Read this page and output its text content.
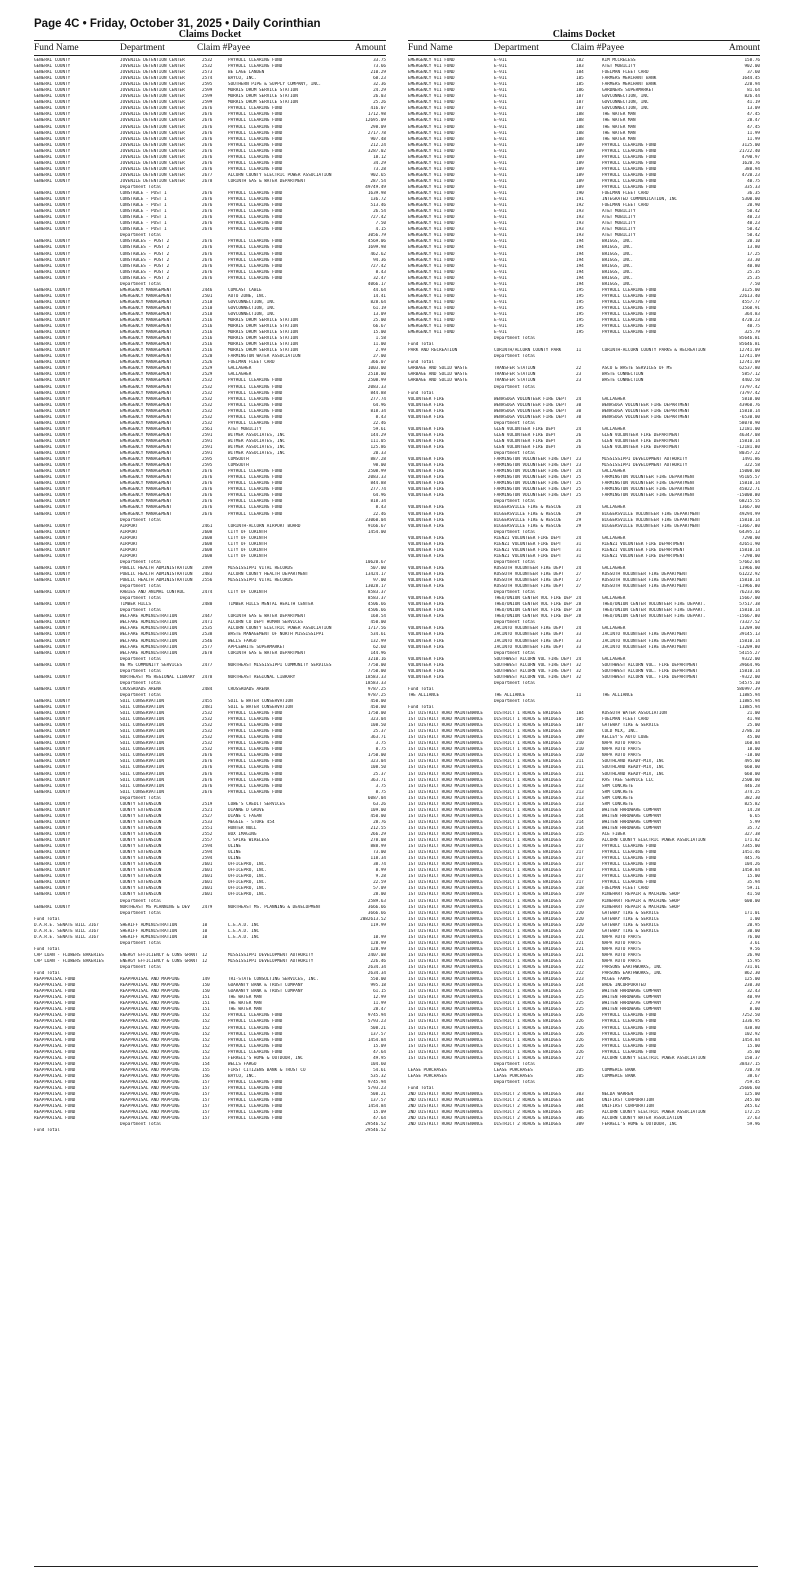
Page 4C • Friday, October 31, 2025 • Daily Corinthian
Claims Docket
Fund Name	Department	Claim #Payee	Amount
GENERAL COUNTY	JUVENILE DETENTION CENTER	2532	PAYROLL CLEARING FUND	33.75
GENERAL COUNTY	JUVENILE DETENTION CENTER	2532	PAYROLL CLEARING FUND	73.66
GENERAL COUNTY	JUVENILE DETENTION CENTER	2573	BE LAGE LANDEN	210.29
GENERAL COUNTY	JUVENILE DETENTION CENTER	2574	BAYCO, INC.	68.23
GENERAL COUNTY	JUVENILE DETENTION CENTER	2595	SOUTHERN PIPE & SUPPLY COMPANY, INC.	32.36
GENERAL COUNTY	JUVENILE DETENTION CENTER	2599	MORRIS DRUM SERVICE STATION	24.29
GENERAL COUNTY	JUVENILE DETENTION CENTER	2599	MORRIS DRUM SERVICE STATION	26.03
GENERAL COUNTY	JUVENILE DETENTION CENTER	2599	MORRIS DRUM SERVICE STATION	25.26
GENERAL COUNTY	JUVENILE DETENTION CENTER	2676	PAYROLL CLEARING FUND	416.07
GENERAL COUNTY	JUVENILE DETENTION CENTER	2676	PAYROLL CLEARING FUND	1712.98
GENERAL COUNTY	JUVENILE DETENTION CENTER	2676	PAYROLL CLEARING FUND	12695.09
GENERAL COUNTY	JUVENILE DETENTION CENTER	2676	PAYROLL CLEARING FUND	298.09
GENERAL COUNTY	JUVENILE DETENTION CENTER	2676	PAYROLL CLEARING FUND	2717.78
GENERAL COUNTY	JUVENILE DETENTION CENTER	2676	PAYROLL CLEARING FUND	907.48
GENERAL COUNTY	JUVENILE DETENTION CENTER	2676	PAYROLL CLEARING FUND	212.24
GENERAL COUNTY	JUVENILE DETENTION CENTER	2676	PAYROLL CLEARING FUND	3287.02
GENERAL COUNTY	JUVENILE DETENTION CENTER	2676	PAYROLL CLEARING FUND	18.12
GENERAL COUNTY	JUVENILE DETENTION CENTER	2676	PAYROLL CLEARING FUND	34.29
GENERAL COUNTY	JUVENILE DETENTION CENTER	2676	PAYROLL CLEARING FUND	73.28
GENERAL COUNTY	JUVENILE DETENTION CENTER	2677	ALCORN COUNTY ELECTRIC POWER ASSOCIATION	902.65
GENERAL COUNTY	JUVENILE DETENTION CENTER	2678	CORINTH GAS & WATER DEPARTMENT	287.54
Department Total	49749.49
GENERAL COUNTY	CONSTABLE - POST 1	2676	PAYROLL CLEARING FUND	1639.98
GENERAL COUNTY	CONSTABLE - POST 1	2676	PAYROLL CLEARING FUND	136.72
GENERAL COUNTY	CONSTABLE - POST 1	2676	PAYROLL CLEARING FUND	513.46
GENERAL COUNTY	CONSTABLE - POST 1	2676	PAYROLL CLEARING FUND	26.54
GENERAL COUNTY	CONSTABLE - POST 1	2676	PAYROLL CLEARING FUND	727.42
GENERAL COUNTY	CONSTABLE - POST 1	2676	PAYROLL CLEARING FUND	7.50
GENERAL COUNTY	CONSTABLE - POST 1	2676	PAYROLL CLEARING FUND	4.15
Department Total	3056.79
GENERAL COUNTY	CONSTABLES - POST 2	2676	PAYROLL CLEARING FUND	4569.06
GENERAL COUNTY	CONSTABLES - POST 2	2676	PAYROLL CLEARING FUND	1699.98
GENERAL COUNTY	CONSTABLES - POST 2	2676	PAYROLL CLEARING FUND	462.62
GENERAL COUNTY	CONSTABLES - POST 2	2676	PAYROLL CLEARING FUND	94.36
GENERAL COUNTY	CONSTABLES - POST 2	2676	PAYROLL CLEARING FUND	727.42
GENERAL COUNTY	CONSTABLES - POST 2	2676	PAYROLL CLEARING FUND	8.43
GENERAL COUNTY	CONSTABLES - POST 2	2676	PAYROLL CLEARING FUND	32.47
Department Total	4066.17
GENERAL COUNTY	EMERGENCY MANAGEMENT	2446	COMCAST CABLE	44.64
GENERAL COUNTY	EMERGENCY MANAGEMENT	2501	AUTO ZONE, INC.	14.41
GENERAL COUNTY	EMERGENCY MANAGEMENT	2510	GOVCONNECTION, INC	828.64
GENERAL COUNTY	EMERGENCY MANAGEMENT	2510	GOVCONNECTION, INC	61.19
GENERAL COUNTY	EMERGENCY MANAGEMENT	2510	GOVCONNECTION, INC	13.09
GENERAL COUNTY	EMERGENCY MANAGEMENT	2516	MORRIS DRUM SERVICE STATION	25.00
GENERAL COUNTY	EMERGENCY MANAGEMENT	2516	MORRIS DRUM SERVICE STATION	66.67
GENERAL COUNTY	EMERGENCY MANAGEMENT	2516	MORRIS DRUM SERVICE STATION	15.00
GENERAL COUNTY	EMERGENCY MANAGEMENT	2516	MORRIS DRUM SERVICE STATION	1.58
GENERAL COUNTY	EMERGENCY MANAGEMENT	2516	MORRIS DRUM SERVICE STATION	11.00
GENERAL COUNTY	EMERGENCY MANAGEMENT	2516	MORRIS DRUM SERVICE STATION	2.99
GENERAL COUNTY	EMERGENCY MANAGEMENT	2520	FARMINGTON WATER ASSOCIATION	27.00
GENERAL COUNTY	EMERGENCY MANAGEMENT	2526	FUELMAN FLEET CARD	366.07
GENERAL COUNTY	EMERGENCY MANAGEMENT	2529	GALLAGHER	1003.00
GENERAL COUNTY	EMERGENCY MANAGEMENT	2529	GALLAGHER	2518.00
GENERAL COUNTY	EMERGENCY MANAGEMENT	2532	PAYROLL CLEARING FUND	2508.99
GENERAL COUNTY	EMERGENCY MANAGEMENT	2532	PAYROLL CLEARING FUND	2083.33
GENERAL COUNTY	EMERGENCY MANAGEMENT	2532	PAYROLL CLEARING FUND	844.88
GENERAL COUNTY	EMERGENCY MANAGEMENT	2532	PAYROLL CLEARING FUND	277.74
GENERAL COUNTY	EMERGENCY MANAGEMENT	2532	PAYROLL CLEARING FUND	64.96
GENERAL COUNTY	EMERGENCY MANAGEMENT	2532	PAYROLL CLEARING FUND	818.34
GENERAL COUNTY	EMERGENCY MANAGEMENT	2532	PAYROLL CLEARING FUND	8.43
GENERAL COUNTY	EMERGENCY MANAGEMENT	2532	PAYROLL CLEARING FUND	22.46
GENERAL COUNTY	EMERGENCY MANAGEMENT	2561	AT&T MOBILITY	59.61
GENERAL COUNTY	EMERGENCY MANAGEMENT	2591	WITMER ASSOCIATES, INC	144.29
GENERAL COUNTY	EMERGENCY MANAGEMENT	2591	WITMER ASSOCIATES, INC	111.05
GENERAL COUNTY	EMERGENCY MANAGEMENT	2591	WITMER ASSOCIATES, INC	125.86
GENERAL COUNTY	EMERGENCY MANAGEMENT	2591	WITMER ASSOCIATES, INC	20.33
GENERAL COUNTY	EMERGENCY MANAGEMENT	2595	COMSOUTH	887.28
GENERAL COUNTY	EMERGENCY MANAGEMENT	2595	COMSOUTH	98.00
GENERAL COUNTY	EMERGENCY MANAGEMENT	2676	PAYROLL CLEARING FUND	2508.99
GENERAL COUNTY	EMERGENCY MANAGEMENT	2676	PAYROLL CLEARING FUND	2083.33
GENERAL COUNTY	EMERGENCY MANAGEMENT	2676	PAYROLL CLEARING FUND	844.88
GENERAL COUNTY	EMERGENCY MANAGEMENT	2676	PAYROLL CLEARING FUND	277.74
GENERAL COUNTY	EMERGENCY MANAGEMENT	2676	PAYROLL CLEARING FUND	64.96
GENERAL COUNTY	EMERGENCY MANAGEMENT	2676	PAYROLL CLEARING FUND	818.34
GENERAL COUNTY	EMERGENCY MANAGEMENT	2676	PAYROLL CLEARING FUND	8.43
GENERAL COUNTY	EMERGENCY MANAGEMENT	2676	PAYROLL CLEARING FUND	22.46
Department Total	23060.04
GENERAL COUNTY	AIRPORT	2461	CORINTH-ALCORN AIRPORT BOARD	9166.67
GENERAL COUNTY	AIRPORT	2608	CITY OF CORINTH	1454.00
GENERAL COUNTY	AIRPORT	2608	CITY OF CORINTH
GENERAL COUNTY	AIRPORT	2608	CITY OF CORINTH
GENERAL COUNTY	AIRPORT	2608	CITY OF CORINTH
GENERAL COUNTY	AIRPORT	2608	CITY OF CORINTH
Department Total	10620.67
GENERAL COUNTY	PUBLIC HEALTH ADMINISTRATION 2499	MISSISSIPPI VITAL RECORDS	507.00
GENERAL COUNTY	PUBLIC HEALTH ADMINISTRATION 2483	ALCORN COUNTY HEALTH DEPARTMENT	13424.17
GENERAL COUNTY	PUBLIC HEALTH ADMINISTRATION 2556	MISSISSIPPI VITAL RECORDS	97.00
Department Total	13028.17
GENERAL COUNTY	RABIES AND ANIMAL CONTROL	2474	CITY OF CORINTH	8583.37
Department Total	8583.37
GENERAL COUNTY	TIMBER HILLS	2480	TIMBER HILLS MENTAL HEALTH CENTER	4506.66
Department Total	4506.66
GENERAL COUNTY	WELFARE ADMINISTRATION	2447	CORINTH GAS & WATER DEPARTMENT	168.54
GENERAL COUNTY	WELFARE ADMINISTRATION	2471	ALCORN CO DEPT HUMAN SERVICES	450.00
GENERAL COUNTY	WELFARE ADMINISTRATION	2535	ALCORN COUNTY ELECTRIC POWER ASSOCIATION	1717.56
GENERAL COUNTY	WELFARE ADMINISTRATION	2538	WASTE MANAGEMENT OF NORTH MISSISSIPPI	534.61
GENERAL COUNTY	WELFARE ADMINISTRATION	2546	WELLS FARGO	132.99
GENERAL COUNTY	WELFARE ADMINISTRATION	2577	APPLEWHITE SUPERMARKET	62.60
GENERAL COUNTY	WELFARE ADMINISTRATION	2678	CORINTH GAS & WATER DEPARTMENT	144.96
Department Total	3210.16
GENERAL COUNTY	NE MS COMMUNITY SERVICES	2477	NORTHEAST MISSISSIPPI COMMUNITY SERVICES	7750.00
Department Total	7750.00
GENERAL COUNTY	NORTHEAST MS REGIONAL LIBRARY 2478	NORTHEAST REGIONAL LIBRARY	18583.33
Department Total	18583.33
GENERAL COUNTY	CROSSROADS ARENA	2484	CROSSROADS ARENA	9787.25
Department Total	9787.25
GENERAL COUNTY	SOIL CONSERVATION	2455	SOIL & WATER CONSERVATION	450.00
GENERAL COUNTY	SOIL CONSERVATION	2481	SOIL & WATER CONSERVATION	450.00
GENERAL COUNTY	SOIL CONSERVATION	2532	PAYROLL CLEARING FUND	1750.00
GENERAL COUNTY	SOIL CONSERVATION	2532	PAYROLL CLEARING FUND	323.04
GENERAL COUNTY	SOIL CONSERVATION	2532	PAYROLL CLEARING FUND	108.50
GENERAL COUNTY	SOIL CONSERVATION	2532	PAYROLL CLEARING FUND	25.37
GENERAL COUNTY	SOIL CONSERVATION	2532	PAYROLL CLEARING FUND	363.71
GENERAL COUNTY	SOIL CONSERVATION	2532	PAYROLL CLEARING FUND	3.75
GENERAL COUNTY	SOIL CONSERVATION	2532	PAYROLL CLEARING FUND	8.75
GENERAL COUNTY	SOIL CONSERVATION	2676	PAYROLL CLEARING FUND	1750.00
GENERAL COUNTY	SOIL CONSERVATION	2676	PAYROLL CLEARING FUND	323.04
GENERAL COUNTY	SOIL CONSERVATION	2676	PAYROLL CLEARING FUND	108.50
GENERAL COUNTY	SOIL CONSERVATION	2676	PAYROLL CLEARING FUND	25.37
GENERAL COUNTY	SOIL CONSERVATION	2676	PAYROLL CLEARING FUND	363.71
GENERAL COUNTY	SOIL CONSERVATION	2676	PAYROLL CLEARING FUND	3.75
GENERAL COUNTY	SOIL CONSERVATION	2676	PAYROLL CLEARING FUND	8.75
Department Total	6087.04
GENERAL COUNTY	COUNTY EXTENSION	2519	LOWE'S CREDIT SERVICES	63.26
GENERAL COUNTY	COUNTY EXTENSION	2521	DIANNE D GROVE	109.00
GENERAL COUNTY	COUNTY EXTENSION	2527	DIANE C FAGAN	450.00
GENERAL COUNTY	COUNTY EXTENSION	2533	MEGGIE - STORE 454	28.76
GENERAL COUNTY	COUNTY EXTENSION	2551	HUNTER NULL	212.55
GENERAL COUNTY	COUNTY EXTENSION	2552	BOX IMAGING	266.29
GENERAL COUNTY	COUNTY EXTENSION	2557	C SPIRE WIRELESS	278.08
GENERAL COUNTY	COUNTY EXTENSION	2594	ULINE	888.99
GENERAL COUNTY	COUNTY EXTENSION	2594	ULINE	73.00
GENERAL COUNTY	COUNTY EXTENSION	2594	ULINE	118.34
GENERAL COUNTY	COUNTY EXTENSION	2601	OFFICEPRO, INC.	38.74
GENERAL COUNTY	COUNTY EXTENSION	2601	OFFICEPRO, INC.	8.99
GENERAL COUNTY	COUNTY EXTENSION	2601	OFFICEPRO, INC.	9.28
GENERAL COUNTY	COUNTY EXTENSION	2601	OFFICEPRO, INC.	22.59
GENERAL COUNTY	COUNTY EXTENSION	2601	OFFICEPRO, INC.	57.09
GENERAL COUNTY	COUNTY EXTENSION	2601	OFFICEPRO, INC.	28.00
Department Total	2589.63
GENERAL COUNTY	NORTHEAST MS PLANNING & DEV	2479	NORTHEAST MS. PLANNING & DEVELOPMENT	3666.66
Department Total	3666.66
Fund Total	2082613.52
D.A.R.E. SENATE BILL 3167	SHERIFF ADMINISTRATION	10	L.E.A.D. INC	119.99
D.A.R.E. SENATE BILL 3167	SHERIFF ADMINISTRATION	10	L.E.A.D. INC
D.A.R.E. SENATE BILL 3167	SHERIFF ADMINISTRATION	10	L.E.A.D. INC	10.99
Department Total	128.99
Fund Total	128.99
CAP LOAN - FLOWERS BAKERIES	ENERGY EFFICIENCY & CONS GRANT 12	MISSISSIPPI DEVELOPMENT AUTHORITY	2407.08
CAP LOAN - FLOWERS BAKERIES	ENERGY EFFICIENCY & CONS GRANT 12	MISSISSIPPI DEVELOPMENT AUTHORITY	226.46
Department Total	2634.34
Fund Total	2634.34
REAPPRAISAL FUND	REAPPRAISAL AND MAPPING	149	TRI-STATE CONSULTING SERVICES, INC.	550.00
REAPPRAISAL FUND	REAPPRAISAL AND MAPPING	150	GUARANTY BANK & TRUST COMPANY	995.18
REAPPRAISAL FUND	REAPPRAISAL AND MAPPING	150	GUARANTY BANK & TRUST COMPANY	61.15
REAPPRAISAL FUND	REAPPRAISAL AND MAPPING	151	THE WATER MAN	12.99
REAPPRAISAL FUND	REAPPRAISAL AND MAPPING	151	THE WATER MAN	11.99
REAPPRAISAL FUND	REAPPRAISAL AND MAPPING	151	THE WATER MAN	28.47
REAPPRAISAL FUND	REAPPRAISAL AND MAPPING	152	PAYROLL CLEARING FUND	9745.94
REAPPRAISAL FUND	REAPPRAISAL AND MAPPING	152	PAYROLL CLEARING FUND	5793.23
REAPPRAISAL FUND	REAPPRAISAL AND MAPPING	152	PAYROLL CLEARING FUND	508.21
REAPPRAISAL FUND	REAPPRAISAL AND MAPPING	152	PAYROLL CLEARING FUND	137.57
REAPPRAISAL FUND	REAPPRAISAL AND MAPPING	152	PAYROLL CLEARING FUND	1454.84
REAPPRAISAL FUND	REAPPRAISAL AND MAPPING	152	PAYROLL CLEARING FUND	15.09
REAPPRAISAL FUND	REAPPRAISAL AND MAPPING	152	PAYROLL CLEARING FUND	47.64
REAPPRAISAL FUND	REAPPRAISAL AND MAPPING	153	FERRELL'S HOME & OUTDOOR, INC	49.95
REAPPRAISAL FUND	REAPPRAISAL AND MAPPING	154	WELLS FARGO	104.60
REAPPRAISAL FUND	REAPPRAISAL AND MAPPING	155	FIRST CITIZENS BANK & TRUST CO	54.61
REAPPRAISAL FUND	REAPPRAISAL AND MAPPING	156	BAYCO, INC.	535.32
REAPPRAISAL FUND	REAPPRAISAL AND MAPPING	157	PAYROLL CLEARING FUND	9745.94
REAPPRAISAL FUND	REAPPRAISAL AND MAPPING	157	PAYROLL CLEARING FUND	5793.23
REAPPRAISAL FUND	REAPPRAISAL AND MAPPING	157	PAYROLL CLEARING FUND	508.21
REAPPRAISAL FUND	REAPPRAISAL AND MAPPING	157	PAYROLL CLEARING FUND	137.57
REAPPRAISAL FUND	REAPPRAISAL AND MAPPING	157	PAYROLL CLEARING FUND	1454.84
REAPPRAISAL FUND	REAPPRAISAL AND MAPPING	157	PAYROLL CLEARING FUND	15.09
REAPPRAISAL FUND	REAPPRAISAL AND MAPPING	157	PAYROLL CLEARING FUND	47.64
Department Total	29546.52
Fund Total	29546.52
Claims Docket
Fund Name	Department	Claim #Payee	Amount
EMERGENCY 911 FUND	E-911	182	KIM MCCRELESS	158.76
EMERGENCY 911 FUND	E-911	183	AT&T MOBILITY	902.00
EMERGENCY 911 FUND	E-911	184	FUELMAN FLEET CARD	37.60
EMERGENCY 911 FUND	E-911	185	FARMERS MERCHANT BANK	1644.45
EMERGENCY 911 FUND	E-911	185	FARMERS MERCHANT BANK	220.94
EMERGENCY 911 FUND	E-911	186	GARDNERS SUPERMARKET	81.64
EMERGENCY 911 FUND	E-911	187	GOVCONNECTION, INC	826.44
EMERGENCY 911 FUND	E-911	187	GOVCONNECTION, INC	41.19
EMERGENCY 911 FUND	E-911	187	GOVCONNECTION, INC	13.09
EMERGENCY 911 FUND	E-911	188	THE WATER MAN	47.45
EMERGENCY 911 FUND	E-911	188	THE WATER MAN	28.47
EMERGENCY 911 FUND	E-911	188	THE WATER MAN	47.45
EMERGENCY 911 FUND	E-911	188	THE WATER MAN	11.99
EMERGENCY 911 FUND	E-911	188	THE WATER MAN	11.99
EMERGENCY 911 FUND	E-911	189	PAYROLL CLEARING FUND	3125.00
EMERGENCY 911 FUND	E-911	189	PAYROLL CLEARING FUND	21722.40
EMERGENCY 911 FUND	E-911	189	PAYROLL CLEARING FUND	4790.97
EMERGENCY 911 FUND	E-911	189	PAYROLL CLEARING FUND	1620.76
EMERGENCY 911 FUND	E-911	189	PAYROLL CLEARING FUND	380.94
EMERGENCY 911 FUND	E-911	189	PAYROLL CLEARING FUND	4720.23
EMERGENCY 911 FUND	E-911	189	PAYROLL CLEARING FUND	40.75
EMERGENCY 911 FUND	E-911	189	PAYROLL CLEARING FUND	335.33
EMERGENCY 911 FUND	E-911	190	FUELMAN FLEET CARD	36.35
EMERGENCY 911 FUND	E-911	191	INTEGRATED COMMUNICATION, INC	5300.00
EMERGENCY 911 FUND	E-911	192	FUELMAN FLEET CARD	20.90
EMERGENCY 911 FUND	E-911	193	AT&T MOBILITY	50.42
EMERGENCY 911 FUND	E-911	193	AT&T MOBILITY	40.23
EMERGENCY 911 FUND	E-911	193	AT&T MOBILITY	40.23
EMERGENCY 911 FUND	E-911	193	AT&T MOBILITY	50.42
EMERGENCY 911 FUND	E-911	193	AT&T MOBILITY	50.42
EMERGENCY 911 FUND	E-911	194	BRIGGS, INC.	20.10
EMERGENCY 911 FUND	E-911	194	BRIGGS, INC.	13.80
EMERGENCY 911 FUND	E-911	194	BRIGGS, INC.	17.25
EMERGENCY 911 FUND	E-911	194	BRIGGS, INC.	33.30
EMERGENCY 911 FUND	E-911	194	BRIGGS, INC.	40.80
EMERGENCY 911 FUND	E-911	194	BRIGGS, INC.	25.35
EMERGENCY 911 FUND	E-911	194	BRIGGS, INC.	25.35
EMERGENCY 911 FUND	E-911	194	BRIGGS, INC.	7.50
EMERGENCY 911 FUND	E-911	195	PAYROLL CLEARING FUND	3125.00
EMERGENCY 911 FUND	E-911	195	PAYROLL CLEARING FUND	22613.40
EMERGENCY 911 FUND	E-911	195	PAYROLL CLEARING FUND	4557.77
EMERGENCY 911 FUND	E-911	195	PAYROLL CLEARING FUND	1560.91
EMERGENCY 911 FUND	E-911	195	PAYROLL CLEARING FUND	364.83
EMERGENCY 911 FUND	E-911	195	PAYROLL CLEARING FUND	4720.23
EMERGENCY 911 FUND	E-911	195	PAYROLL CLEARING FUND	40.75
EMERGENCY 911 FUND	E-911	195	PAYROLL CLEARING FUND	325.79
Department Total	85646.81
Fund Total	85646.81
PARK AND RECREATION	CORINTH/ALCORN COUNTY PARK	11	CORINTH-ALCORN COUNTY PARKS & RECREATION	12741.09
Department Total	12741.09
Fund Total	12741.09
GARBAGE AND SOLID WASTE	TRANSFER STATION	22	ASCO & WASTE SERVICES OF MS	62537.80
GARBAGE AND SOLID WASTE	TRANSFER STATION	23	WASTE CONNECTION	5857.12
GARBAGE AND SOLID WASTE	TRANSFER STATION	23	WASTE CONNECTION	4402.50
Department Total	73797.42
Fund Total	73797.42
VOLUNTEER FIRE	WENASOGA VOLUNTEER FIRE DEPT 24	GALLAGHER	5810.00
VOLUNTEER FIRE	WENASOGA VOLUNTEER FIRE DEPT 30	WENASOGA VOLUNTEER FIRE DEPARTMENT	43960.76
VOLUNTEER FIRE	WENASOGA VOLUNTEER FIRE DEPT 30	WENASOGA VOLUNTEER FIRE DEPARTMENT	15810.14
VOLUNTEER FIRE	WENASOGA VOLUNTEER FIRE DEPT 30	WENASOGA VOLUNTEER FIRE DEPARTMENT	-6530.00
Department Total	58070.90
VOLUNTEER FIRE	GLEN VOLUNTEER FIRE DEPT	24	GALLAGHER	12181.00
VOLUNTEER FIRE	GLEN VOLUNTEER FIRE DEPT	26	GLEN VOLUNTEER FIRE DEPARTMENT	46347.08
VOLUNTEER FIRE	GLEN VOLUNTEER FIRE DEPT	26	GLEN VOLUNTEER FIRE DEPARTMENT	15810.14
VOLUNTEER FIRE	GLEN VOLUNTEER FIRE DEPT	26	GLEN VOLUNTEER FIRE DEPARTMENT	-12181.00
Department Total	80357.22
VOLUNTEER FIRE	FARMINGTON VOLUNTEER FIRE DEPT 23	MISSISSIPPI DEVELOPMENT AUTHORITY	1491.86
VOLUNTEER FIRE	FARMINGTON VOLUNTEER FIRE DEPT 23	MISSISSIPPI DEVELOPMENT AUTHORITY	322.58
VOLUNTEER FIRE	FARMINGTON VOLUNTEER FIRE DEPT 24	GALLAGHER	15000.00
VOLUNTEER FIRE	FARMINGTON VOLUNTEER FIRE DEPT 25	FARMINGTON VOLUNTEER FIRE DEPARTMENT	95105.57
VOLUNTEER FIRE	FARMINGTON VOLUNTEER FIRE DEPT 25	FARMINGTON VOLUNTEER FIRE DEPARTMENT	15810.14
VOLUNTEER FIRE	FARMINGTON VOLUNTEER FIRE DEPT 25	FARMINGTON VOLUNTEER FIRE DEPARTMENT	45822.71
VOLUNTEER FIRE	FARMINGTON VOLUNTEER FIRE DEPT 25	FARMINGTON VOLUNTEER FIRE DEPARTMENT	-15000.00
Department Total	68215.55
VOLUNTEER FIRE	BIGGERSVILLE FIRE & RESCUE	24	GALLAGHER	13667.00
VOLUNTEER FIRE	BIGGERSVILLE FIRE & RESCUE	29	BIGGERSVILLE VOLUNTEER FIRE DEPARTMENT	49294.99
VOLUNTEER FIRE	BIGGERSVILLE FIRE & RESCUE	29	BIGGERSVILLE VOLUNTEER FIRE DEPARTMENT	15810.14
VOLUNTEER FIRE	BIGGERSVILLE FIRE & RESCUE	29	BIGGERSVILLE VOLUNTEER FIRE DEPARTMENT	-13667.00
Department Total	64395.13
VOLUNTEER FIRE	RIENZI VOLUNTEER FIRE DEPT	24	GALLAGHER	7290.00
VOLUNTEER FIRE	RIENZI VOLUNTEER FIRE DEPT	31	RIENZI VOLUNTEER FIRE DEPARTMENT	42651.90
VOLUNTEER FIRE	RIENZI VOLUNTEER FIRE DEPT	31	RIENZI VOLUNTEER FIRE DEPARTMENT	15810.14
VOLUNTEER FIRE	RIENZI VOLUNTEER FIRE DEPT	31	RIENZI VOLUNTEER FIRE DEPARTMENT	-7290.00
Department Total	57662.04
VOLUNTEER FIRE	KOSSUTH VOLUNTEER FIRE DEPT	24	GALLAGHER	11966.00
VOLUNTEER FIRE	KOSSUTH VOLUNTEER FIRE DEPT	27	KOSSUTH VOLUNTEER FIRE DEPARTMENT	61222.92
VOLUNTEER FIRE	KOSSUTH VOLUNTEER FIRE DEPT	27	KOSSUTH VOLUNTEER FIRE DEPARTMENT	15810.14
VOLUNTEER FIRE	KOSSUTH VOLUNTEER FIRE DEPT	27	KOSSUTH VOLUNTEER FIRE DEPARTMENT	-11966.00
Department Total	76233.06
VOLUNTEER FIRE	THEO/ONION CENTER VOL FIRE DEP 24	GALLAGHER	15667.00
VOLUNTEER FIRE	THEO/ONION CENTER VOL FIRE DEP 28	THEO/ONION CENTER VOLUNTEER FIRE DEPART.	57517.38
VOLUNTEER FIRE	THEO/ONION CENTER VOL FIRE DEP 28	THEO/ONION CENTER VOLUNTEER FIRE DEPART.	15810.14
VOLUNTEER FIRE	THEO/ONION CENTER VOL FIRE DEP 28	THEO/ONION CENTER VOLUNTEER FIRE DEPART.	-15667.00
Department Total	73327.52
VOLUNTEER FIRE	JACINTO VOLUNTEER FIRE DEPT	24	GALLAGHER	13209.00
VOLUNTEER FIRE	JACINTO VOLUNTEER FIRE DEPT	33	JACINTO VOLUNTEER FIRE DEPARTMENT	39145.13
VOLUNTEER FIRE	JACINTO VOLUNTEER FIRE DEPT	33	JACINTO VOLUNTEER FIRE DEPARTMENT	15810.14
VOLUNTEER FIRE	JACINTO VOLUNTEER FIRE DEPT	33	JACINTO VOLUNTEER FIRE DEPARTMENT	-13209.00
Department Total	54155.27
VOLUNTEER FIRE	SOUTHWEST ALCORN VOL FIRE DEPT 24	GALLAGHER	9322.00
VOLUNTEER FIRE	SOUTHWEST ALCORN VOL FIRE DEPT 32	SOUTHWEST ALCORN VOL. FIRE DEPARTMENT	39664.96
VOLUNTEER FIRE	SOUTHWEST ALCORN VOL FIRE DEPT 32	SOUTHWEST ALCORN VOL. FIRE DEPARTMENT	15810.14
VOLUNTEER FIRE	SOUTHWEST ALCORN VOL FIRE DEPT 32	SOUTHWEST ALCORN VOL. FIRE DEPARTMENT	-9322.00
Department Total	54575.10
Fund Total	586997.39
THE ALLIANCE	THE ALLIANCE	11	THE ALLIANCE	11885.94
Department Total	11885.94
Fund Total	11885.94
1ST DISTRICT ROAD MAINTENANCE	DISTRICT 1 ROADS & BRIDGES	184	KOSSUTH WATER ASSOCIATION	21.00
1ST DISTRICT ROAD MAINTENANCE	DISTRICT 1 ROADS & BRIDGES	185	FUELMAN FLEET CARD	41.98
1ST DISTRICT ROAD MAINTENANCE	DISTRICT 1 ROADS & BRIDGES	187	GATEWAY TIRE & SERVICE	25.00
1ST DISTRICT ROAD MAINTENANCE	DISTRICT 1 ROADS & BRIDGES	208	COLD MIX, INC.	2786.10
1ST DISTRICT ROAD MAINTENANCE	DISTRICT 1 ROADS & BRIDGES	209	KELLEY'S AUTO LUBE	45.00
1ST DISTRICT ROAD MAINTENANCE	DISTRICT 1 ROADS & BRIDGES	210	NAPA AUTO PARTS	160.84
1ST DISTRICT ROAD MAINTENANCE	DISTRICT 1 ROADS & BRIDGES	210	NAPA AUTO PARTS	18.00
1ST DISTRICT ROAD MAINTENANCE	DISTRICT 1 ROADS & BRIDGES	210	NAPA AUTO PARTS	-18.00
1ST DISTRICT ROAD MAINTENANCE	DISTRICT 1 ROADS & BRIDGES	211	SOUTHLAND READY-MIX, INC	495.00
1ST DISTRICT ROAD MAINTENANCE	DISTRICT 1 ROADS & BRIDGES	211	SOUTHLAND READY-MIX, INC	660.00
1ST DISTRICT ROAD MAINTENANCE	DISTRICT 1 ROADS & BRIDGES	211	SOUTHLAND READY-MIX, INC	660.00
1ST DISTRICT ROAD MAINTENANCE	DISTRICT 1 ROADS & BRIDGES	212	RAS TREE SERVICE LLC	2500.00
1ST DISTRICT ROAD MAINTENANCE	DISTRICT 1 ROADS & BRIDGES	213	SRM CONCRETE	446.28
1ST DISTRICT ROAD MAINTENANCE	DISTRICT 1 ROADS & BRIDGES	213	SRM CONCRETE	374.25
1ST DISTRICT ROAD MAINTENANCE	DISTRICT 1 ROADS & BRIDGES	213	SRM CONCRETE	382.30
1ST DISTRICT ROAD MAINTENANCE	DISTRICT 1 ROADS & BRIDGES	213	SRM CONCRETE	825.82
1ST DISTRICT ROAD MAINTENANCE	DISTRICT 1 ROADS & BRIDGES	214	WHITEN HARDWARE COMPANY	14.28
1ST DISTRICT ROAD MAINTENANCE	DISTRICT 1 ROADS & BRIDGES	214	WHITEN HARDWARE COMPANY	6.65
1ST DISTRICT ROAD MAINTENANCE	DISTRICT 1 ROADS & BRIDGES	214	WHITEN HARDWARE COMPANY	5.99
1ST DISTRICT ROAD MAINTENANCE	DISTRICT 1 ROADS & BRIDGES	214	WHITEN HARDWARE COMPANY	35.72
1ST DISTRICT ROAD MAINTENANCE	DISTRICT 1 ROADS & BRIDGES	215	ACE FIBER	327.38
1ST DISTRICT ROAD MAINTENANCE	DISTRICT 1 ROADS & BRIDGES	216	ALCORN COUNTY ELECTRIC POWER ASSOCIATION	171.82
1ST DISTRICT ROAD MAINTENANCE	DISTRICT 1 ROADS & BRIDGES	217	PAYROLL CLEARING FUND	7345.00
1ST DISTRICT ROAD MAINTENANCE	DISTRICT 1 ROADS & BRIDGES	217	PAYROLL CLEARING FUND	1451.46
1ST DISTRICT ROAD MAINTENANCE	DISTRICT 1 ROADS & BRIDGES	217	PAYROLL CLEARING FUND	445.76
1ST DISTRICT ROAD MAINTENANCE	DISTRICT 1 ROADS & BRIDGES	217	PAYROLL CLEARING FUND	104.26
1ST DISTRICT ROAD MAINTENANCE	DISTRICT 1 ROADS & BRIDGES	217	PAYROLL CLEARING FUND	1458.84
1ST DISTRICT ROAD MAINTENANCE	DISTRICT 1 ROADS & BRIDGES	217	PAYROLL CLEARING FUND	15.00
1ST DISTRICT ROAD MAINTENANCE	DISTRICT 1 ROADS & BRIDGES	217	PAYROLL CLEARING FUND	35.94
1ST DISTRICT ROAD MAINTENANCE	DISTRICT 1 ROADS & BRIDGES	218	FUELMAN FLEET CARD	59.11
1ST DISTRICT ROAD MAINTENANCE	DISTRICT 1 ROADS & BRIDGES	219	RINEHART REPAIR & MACHINE SHOP	41.50
1ST DISTRICT ROAD MAINTENANCE	DISTRICT 1 ROADS & BRIDGES	219	RINEHART REPAIR & MACHINE SHOP	600.00
1ST DISTRICT ROAD MAINTENANCE	DISTRICT 1 ROADS & BRIDGES	219	RINEHART REPAIR & MACHINE SHOP
1ST DISTRICT ROAD MAINTENANCE	DISTRICT 1 ROADS & BRIDGES	220	GATEWAY TIRE & SERVICE	171.01
1ST DISTRICT ROAD MAINTENANCE	DISTRICT 1 ROADS & BRIDGES	220	GATEWAY TIRE & SERVICE	1.00
1ST DISTRICT ROAD MAINTENANCE	DISTRICT 1 ROADS & BRIDGES	220	GATEWAY TIRE & SERVICE	20.95
1ST DISTRICT ROAD MAINTENANCE	DISTRICT 1 ROADS & BRIDGES	220	GATEWAY TIRE & SERVICE	30.00
1ST DISTRICT ROAD MAINTENANCE	DISTRICT 1 ROADS & BRIDGES	221	NAPA AUTO PARTS	76.00
1ST DISTRICT ROAD MAINTENANCE	DISTRICT 1 ROADS & BRIDGES	221	NAPA AUTO PARTS	3.61
1ST DISTRICT ROAD MAINTENANCE	DISTRICT 1 ROADS & BRIDGES	221	NAPA AUTO PARTS	9.56
1ST DISTRICT ROAD MAINTENANCE	DISTRICT 1 ROADS & BRIDGES	221	NAPA AUTO PARTS	26.90
1ST DISTRICT ROAD MAINTENANCE	DISTRICT 1 ROADS & BRIDGES	221	NAPA AUTO PARTS	15.95
1ST DISTRICT ROAD MAINTENANCE	DISTRICT 1 ROADS & BRIDGES	222	PARSONS EARTHWORKS, INC	731.01
1ST DISTRICT ROAD MAINTENANCE	DISTRICT 1 ROADS & BRIDGES	222	PARSONS EARTHWORKS, INC	862.30
1ST DISTRICT ROAD MAINTENANCE	DISTRICT 1 ROADS & BRIDGES	223	MCGEE FARMS	125.00
1ST DISTRICT ROAD MAINTENANCE	DISTRICT 1 ROADS & BRIDGES	224	WADE INCORPORATED	230.30
1ST DISTRICT ROAD MAINTENANCE	DISTRICT 1 ROADS & BRIDGES	225	WHITEN HARDWARE COMPANY	32.43
1ST DISTRICT ROAD MAINTENANCE	DISTRICT 1 ROADS & BRIDGES	225	WHITEN HARDWARE COMPANY	40.99
1ST DISTRICT ROAD MAINTENANCE	DISTRICT 1 ROADS & BRIDGES	225	WHITEN HARDWARE COMPANY	2.79
1ST DISTRICT ROAD MAINTENANCE	DISTRICT 1 ROADS & BRIDGES	225	WHITEN HARDWARE COMPANY	8.00
1ST DISTRICT ROAD MAINTENANCE	DISTRICT 1 ROADS & BRIDGES	226	PAYROLL CLEARING FUND	7252.50
1ST DISTRICT ROAD MAINTENANCE	DISTRICT 1 ROADS & BRIDGES	226	PAYROLL CLEARING FUND	1336.95
1ST DISTRICT ROAD MAINTENANCE	DISTRICT 1 ROADS & BRIDGES	226	PAYROLL CLEARING FUND	438.80
1ST DISTRICT ROAD MAINTENANCE	DISTRICT 1 ROADS & BRIDGES	226	PAYROLL CLEARING FUND	102.92
1ST DISTRICT ROAD MAINTENANCE	DISTRICT 1 ROADS & BRIDGES	226	PAYROLL CLEARING FUND	1454.84
1ST DISTRICT ROAD MAINTENANCE	DISTRICT 1 ROADS & BRIDGES	226	PAYROLL CLEARING FUND	15.00
1ST DISTRICT ROAD MAINTENANCE	DISTRICT 1 ROADS & BRIDGES	226	PAYROLL CLEARING FUND	35.00
1ST DISTRICT ROAD MAINTENANCE	DISTRICT 1 ROADS & BRIDGES	227	ALCORN COUNTY ELECTRIC POWER ASSOCIATION	150.37
Department Total	38437.15
LEASE PURCHASES	LEASE PURCHASES	205	COMMERCE BANK	720.78
LEASE PURCHASES	LEASE PURCHASES	205	COMMERCE BANK	38.67
Department Total	759.45
Fund Total	25606.60
2ND DISTRICT ROAD MAINTENANCE	DISTRICT 2 ROADS & BRIDGES	303	NELDA WARREN	125.00
2ND DISTRICT ROAD MAINTENANCE	DISTRICT 2 ROADS & BRIDGES	304	UNIFIRST CORPORATION	245.00
2ND DISTRICT ROAD MAINTENANCE	DISTRICT 2 ROADS & BRIDGES	304	UNIFIRST CORPORATION	245.62
2ND DISTRICT ROAD MAINTENANCE	DISTRICT 2 ROADS & BRIDGES	305	ALCORN COUNTY ELECTRIC POWER ASSOCIATION	172.25
2ND DISTRICT ROAD MAINTENANCE	DISTRICT 2 ROADS & BRIDGES	306	ALCORN COUNTY WATER ASSOCIATION	27.63
2ND DISTRICT ROAD MAINTENANCE	DISTRICT 2 ROADS & BRIDGES	309	FERRELL'S HOME & OUTDOOR, INC	59.96
